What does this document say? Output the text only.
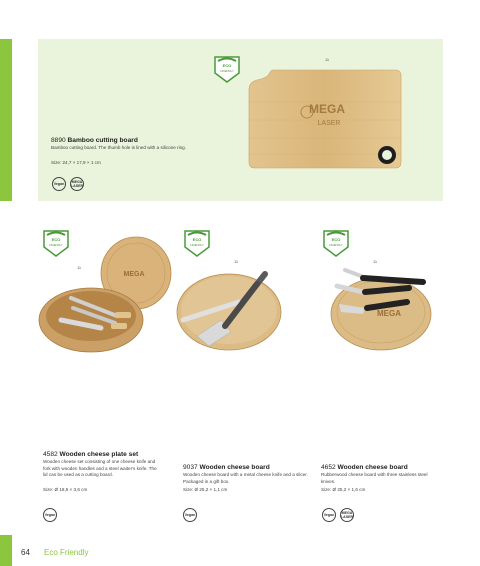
ECO
FRIENDLY
11
MEGA
LASER
8890 Bamboo cutting board
Bamboo cutting board. The thumb hole is lined with a silicone ring.
Size: 24,7 × 17,9 × 1 cm
Vegan
MEGA LASER
ECO
FRIENDLY
11
MEGA
4582 Wooden cheese plate set
Wooden cheese set consisting of one cheese knife and fork with wooden handles and a steel waiter's knife. The lid can be used as a cutting board.
Size: Ø 18,5 × 3,6 cm
Vegan
ECO
FRIENDLY
11
9037 Wooden cheese board
Wooden cheese board with a metal cheese knife and a slicer. Packaged in a gift box.
Size: Ø 25,2 × 1,1 cm
Vegan
ECO
FRIENDLY
11
MEGA
4652 Wooden cheese board
Rubberwood cheese board with three stainless steel knives.
Size: Ø 25,2 × 1,6 cm
Vegan
MEGA LASER
64 Eco Friendly
